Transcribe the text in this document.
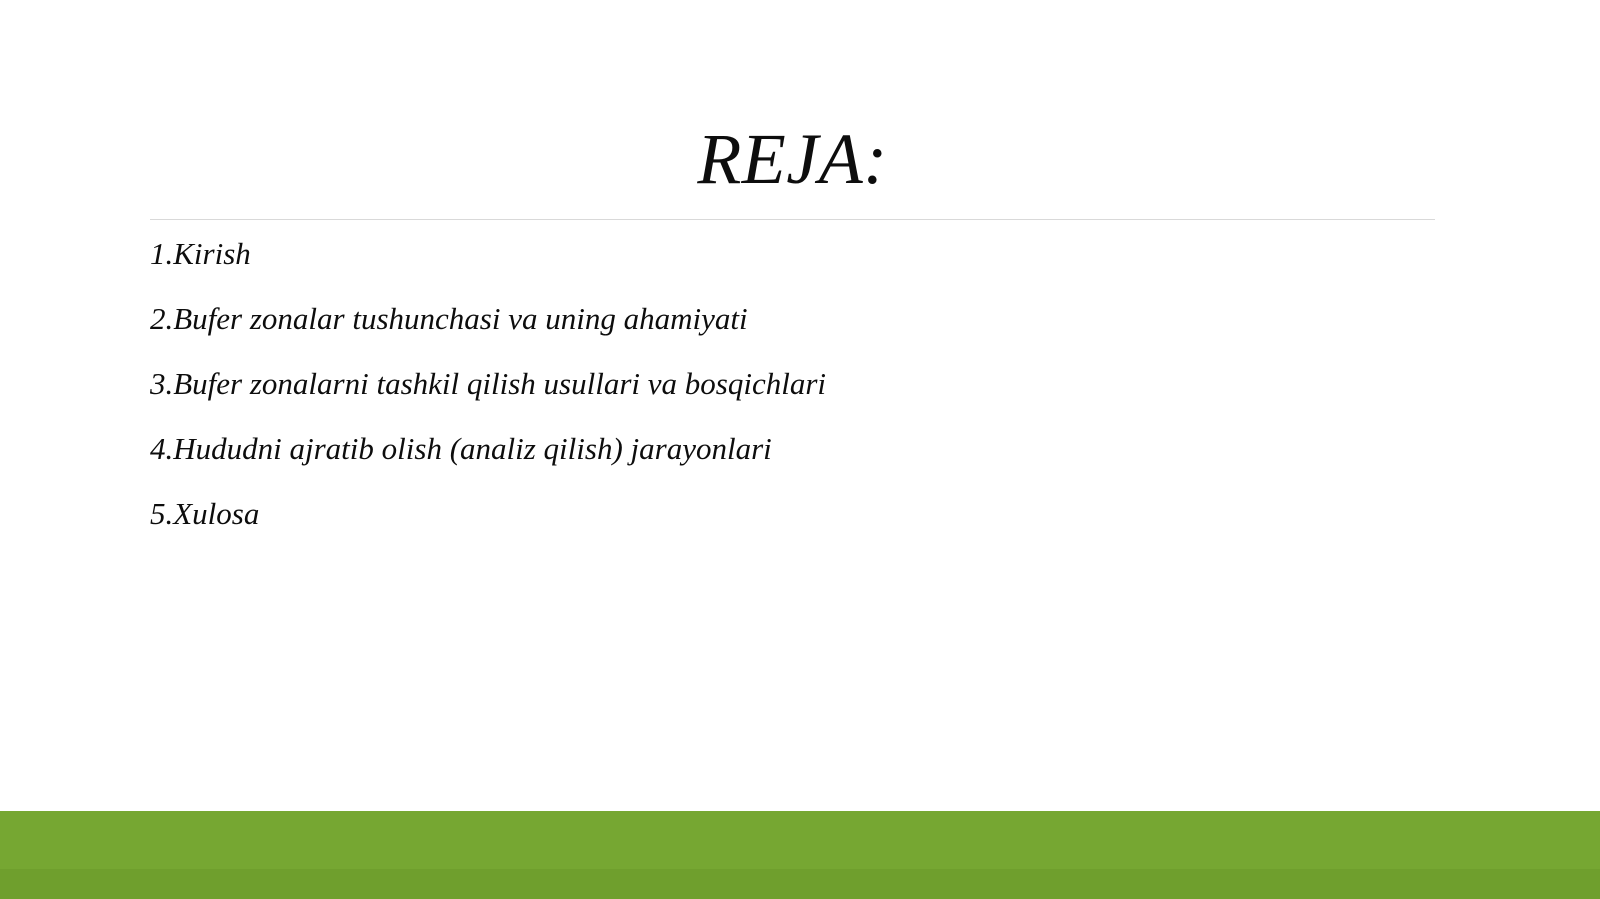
REJA:
1.Kirish
2.Bufer zonalar tushunchasi va uning ahamiyati
3.Bufer zonalarni tashkil qilish usullari va bosqichlari
4.Hududni ajratib olish (analiz qilish) jarayonlari
5.Xulosa
